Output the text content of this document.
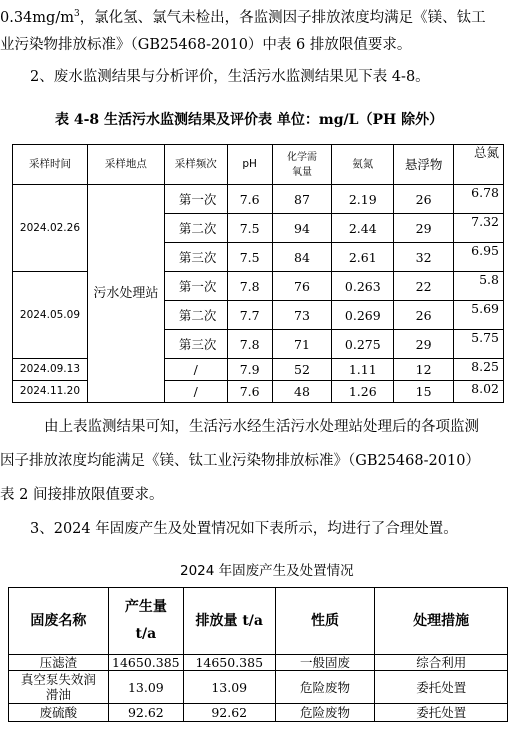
$0.34mg/m^3$，氯化氢、氯气未检出，各监测因子排放浓度均满足《镁、钛工
业污染物排放标准》（GB25468-2010）中表 6 排放限值要求。
2、废水监测结果与分析评价，生活污水监测结果见下表 4-8。
表 4-8 生活污水监测结果及评价表 单位：mg/L（PH 除外）
采样时间	采样地点	采样频次	pH	化学需
氧量	氨氮	悬浮物	总氮
2024.02.26	污水处理站	第一次	7.6	87	2.19	26	6.78
		第二次	7.5	94	2.44	29	7.32
		第三次	7.5	84	2.61	32	6.95
2024.05.09		第一次	7.8	76	0.263	22	5.8
		第二次	7.7	73	0.269	26	5.69
		第三次	7.8	71	0.275	29	5.75
2024.09.13		/	7.9	52	1.11	12	8.25
2024.11.20		/	7.6	48	1.26	15	8.02
由上表监测结果可知，生活污水经生活污水处理站处理后的各项监测
因子排放浓度均能满足《镁、钛工业污染物排放标准》（GB25468-2010）
表 2 间接排放限值要求。
3、2024 年固废产生及处置情况如下表所示，均进行了合理处置。
2024 年固废产生及处置情况
固废名称	产生量
t/a	排放量 t/a	性质	处理措施
压滤渣	14650.385	14650.385	一般固废	综合利用

真空泵失效润
滑油	13.09	13.09	危险废物	委托处置
废硫酸	92.62	92.62	危险废物	委托处置
